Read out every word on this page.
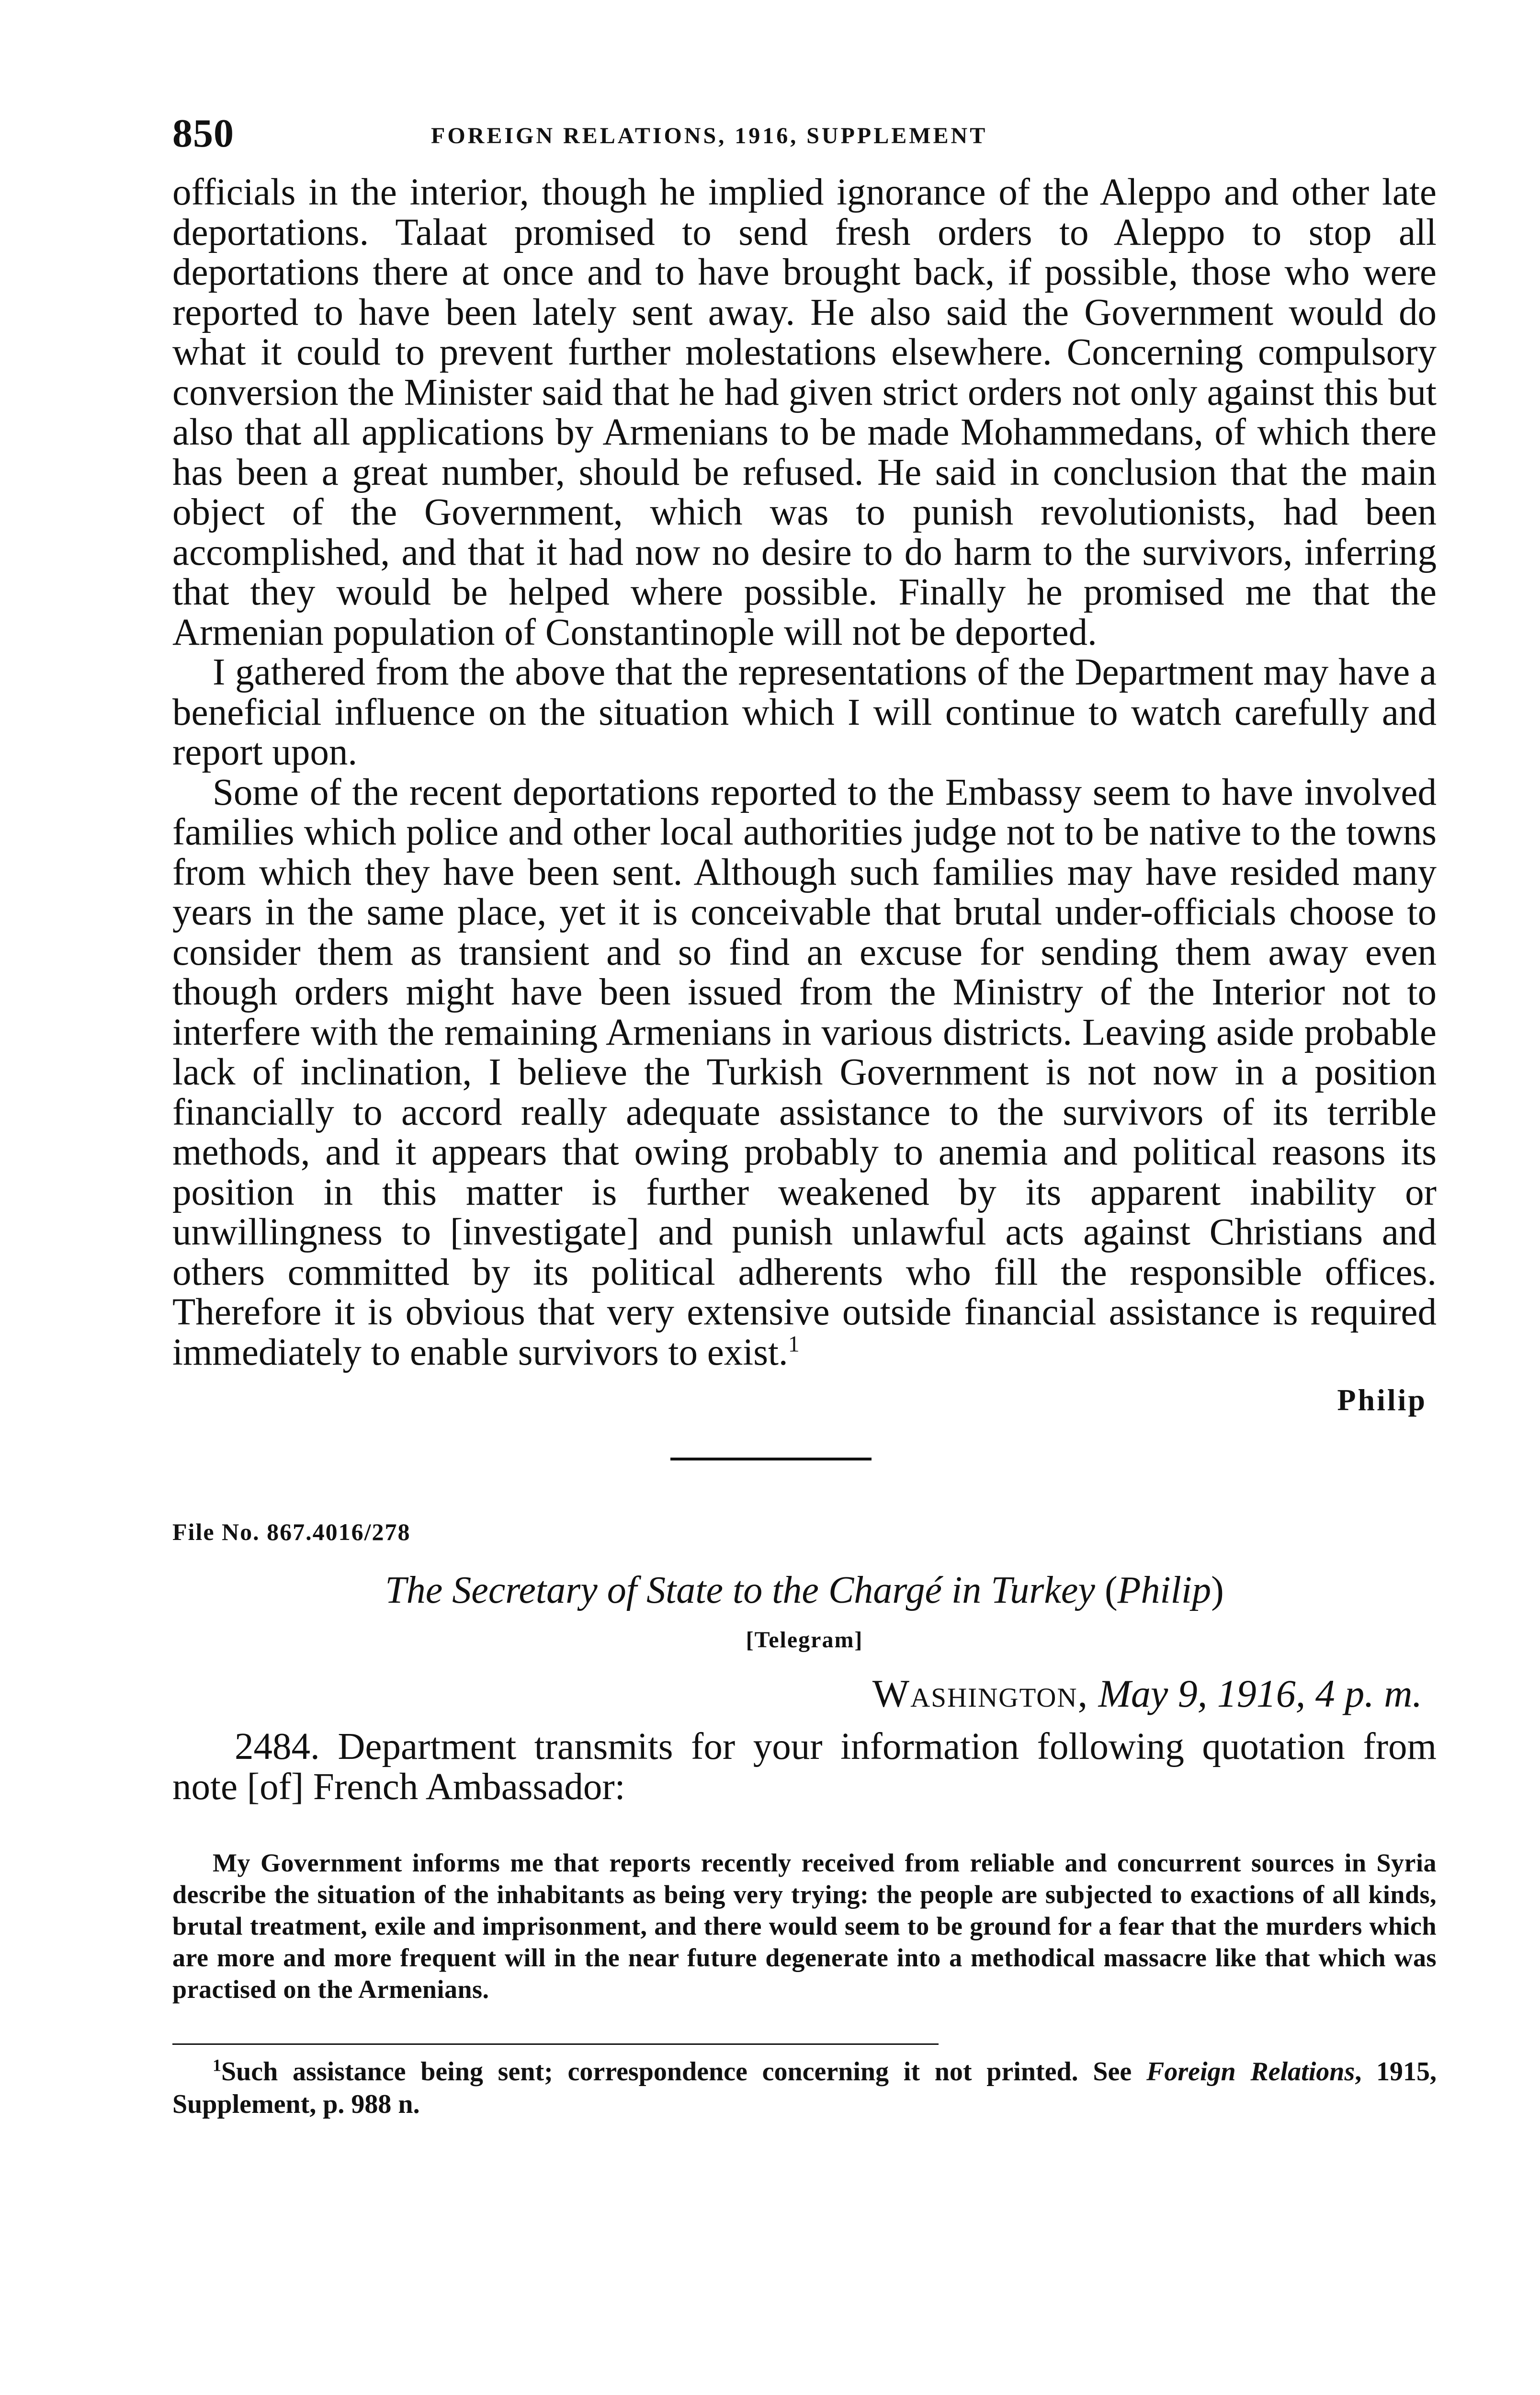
850	FOREIGN RELATIONS, 1916, SUPPLEMENT

officials in the interior, though he implied ignorance of the Aleppo and other late deportations. Talaat promised to send fresh orders to Aleppo to stop all deportations there at once and to have brought back, if possible, those who were reported to have been lately sent away. He also said the Government would do what it could to prevent further molestations elsewhere. Concerning compulsory conversion the Minister said that he had given strict orders not only against this but also that all applications by Armenians to be made Mohammedans, of which there has been a great number, should be refused. He said in conclusion that the main object of the Government, which was to punish revolutionists, had been accomplished, and that it had now no desire to do harm to the survivors, inferring that they would be helped where possible. Finally he promised me that the Armenian population of Constantinople will not be deported.

I gathered from the above that the representations of the Department may have a beneficial influence on the situation which I will continue to watch carefully and report upon.

Some of the recent deportations reported to the Embassy seem to have involved families which police and other local authorities judge not to be native to the towns from which they have been sent. Although such families may have resided many years in the same place, yet it is conceivable that brutal under-officials choose to consider them as transient and so find an excuse for sending them away even though orders might have been issued from the Ministry of the Interior not to interfere with the remaining Armenians in various districts. Leaving aside probable lack of inclination, I believe the Turkish Government is not now in a position financially to accord really adequate assistance to the survivors of its terrible methods, and it appears that owing probably to anemia and political reasons its position in this matter is further weakened by its apparent inability or unwillingness to [investigate] and punish unlawful acts against Christians and others committed by its political adherents who fill the responsible offices. Therefore it is obvious that very extensive outside financial assistance is required immediately to enable survivors to exist.$^1$

Philip
File No. 867.4016/278
The Secretary of State to the Chargé in Turkey (Philip)
[Telegram]
Washington, May 9, 1916, 4 p. m.
2484. Department transmits for your information following quotation from note [of] French Ambassador:
My Government informs me that reports recently received from reliable and concurrent sources in Syria describe the situation of the inhabitants as being very trying: the people are subjected to exactions of all kinds, brutal treatment, exile and imprisonment, and there would seem to be ground for a fear that the murders which are more and more frequent will in the near future degenerate into a methodical massacre like that which was practised on the Armenians.
$^1$Such assistance being sent; correspondence concerning it not printed. See Foreign Relations, 1915, Supplement, p. 988 n.
